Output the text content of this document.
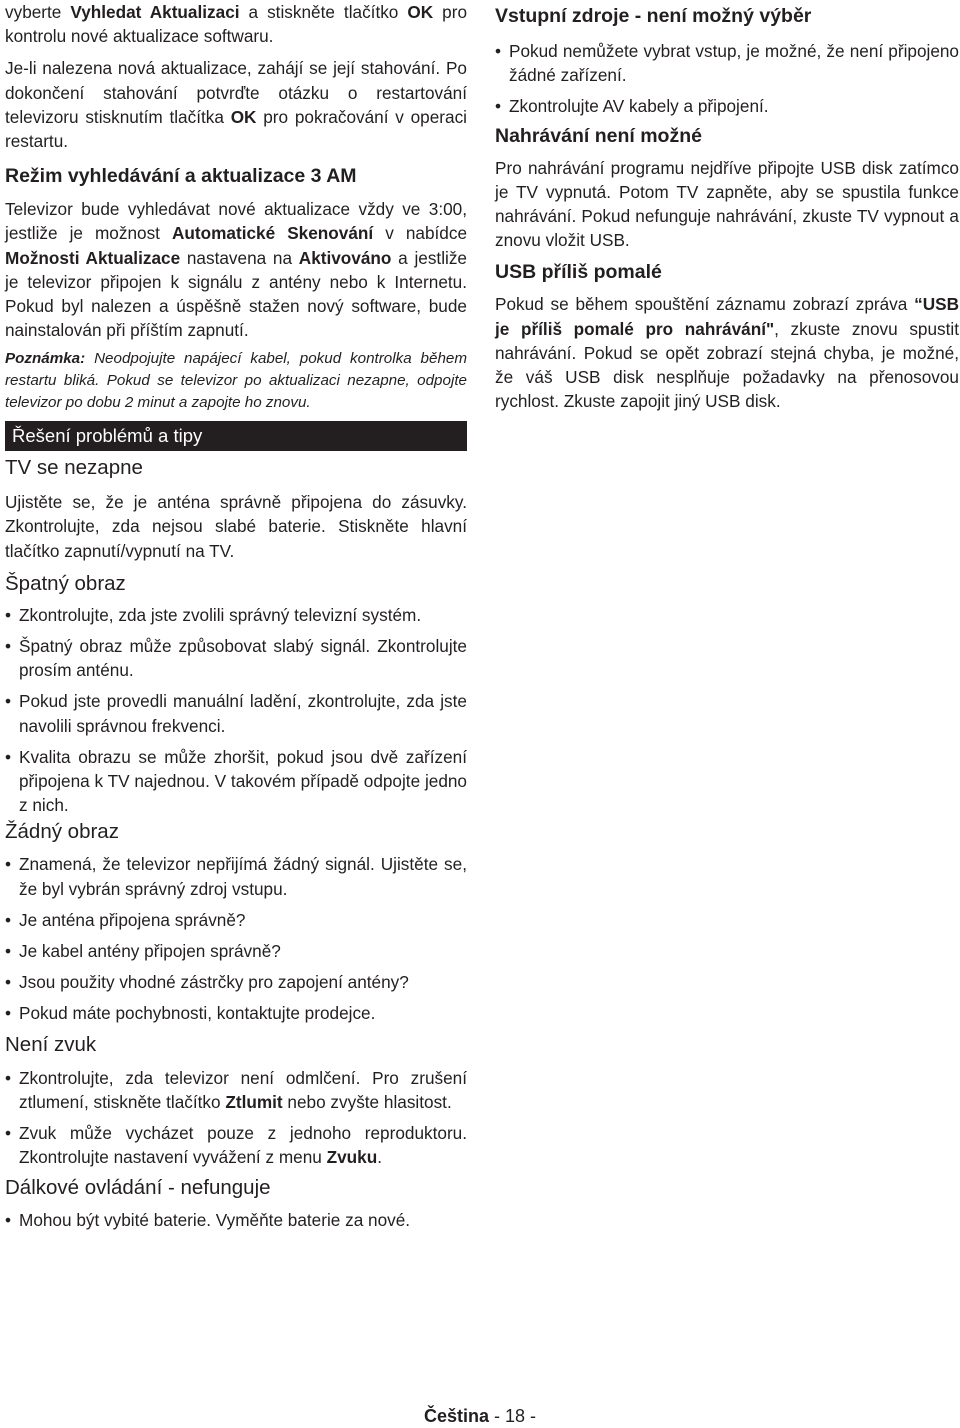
vyberte Vyhledat Aktualizaci a stiskněte tlačítko OK pro kontrolu nové aktualizace softwaru.

Je-li nalezena nová aktualizace, zahájí se její stahování. Po dokončení stahování potvrďte otázku o restartování televizoru stisknutím tlačítka OK pro pokračování v operaci restartu.

Režim vyhledávání a aktualizace 3 AM

Televizor bude vyhledávat nové aktualizace vždy ve 3:00, jestliže je možnost Automatické Skenování v nabídce Možnosti Aktualizace nastavena na Aktivováno a jestliže je televizor připojen k signálu z antény nebo k Internetu. Pokud byl nalezen a úspěšně stažen nový software, bude nainstalován při příštím zapnutí.

Poznámka: Neodpojujte napájecí kabel, pokud kontrolka během restartu bliká. Pokud se televizor po aktualizaci nezapne, odpojte televizor po dobu 2 minut a zapojte ho znovu.

Řešení problémů a tipy
TV se nezapne

Ujistěte se, že je anténa správně připojena do zásuvky. Zkontrolujte, zda nejsou slabé baterie. Stiskněte hlavní tlačítko zapnutí/vypnutí na TV.

Špatný obraz
• Zkontrolujte, zda jste zvolili správný televizní systém.
• Špatný obraz může způsobovat slabý signál. Zkontrolujte prosím anténu.
• Pokud jste provedli manuální ladění, zkontrolujte, zda jste navolili správnou frekvenci.
• Kvalita obrazu se může zhoršit, pokud jsou dvě zařízení připojena k TV najednou. V takovém případě odpojte jedno z nich.
Žádný obraz
• Znamená, že televizor nepřijímá žádný signál. Ujistěte se, že byl vybrán správný zdroj vstupu.
• Je anténa připojena správně?
• Je kabel antény připojen správně?
• Jsou použity vhodné zástrčky pro zapojení antény?
• Pokud máte pochybnosti, kontaktujte prodejce.
Není zvuk
• Zkontrolujte, zda televizor není odmlčení. Pro zrušení ztlumení, stiskněte tlačítko Ztlumit nebo zvyšte hlasitost.
• Zvuk může vycházet pouze z jednoho reproduktoru. Zkontrolujte nastavení vyvážení z menu Zvuku.
Dálkové ovládání - nefunguje
• Mohou být vybité baterie. Vyměňte baterie za nové.
Vstupní zdroje - není možný výběr
• Pokud nemůžete vybrat vstup, je možné, že není připojeno žádné zařízení.
• Zkontrolujte AV kabely a připojení.
Nahrávání není možné

Pro nahrávání programu nejdříve připojte USB disk zatímco je TV vypnutá. Potom TV zapněte, aby se spustila funkce nahrávání. Pokud nefunguje nahrávání, zkuste TV vypnout a znovu vložit USB.

USB příliš pomalé

Pokud se během spouštění záznamu zobrazí zpráva “USB je příliš pomalé pro nahrávání", zkuste znovu spustit nahrávání. Pokud se opět zobrazí stejná chyba, je možné, že váš USB disk nesplňuje požadavky na přenosovou rychlost. Zkuste zapojit jiný USB disk.

Čeština - 18 -
